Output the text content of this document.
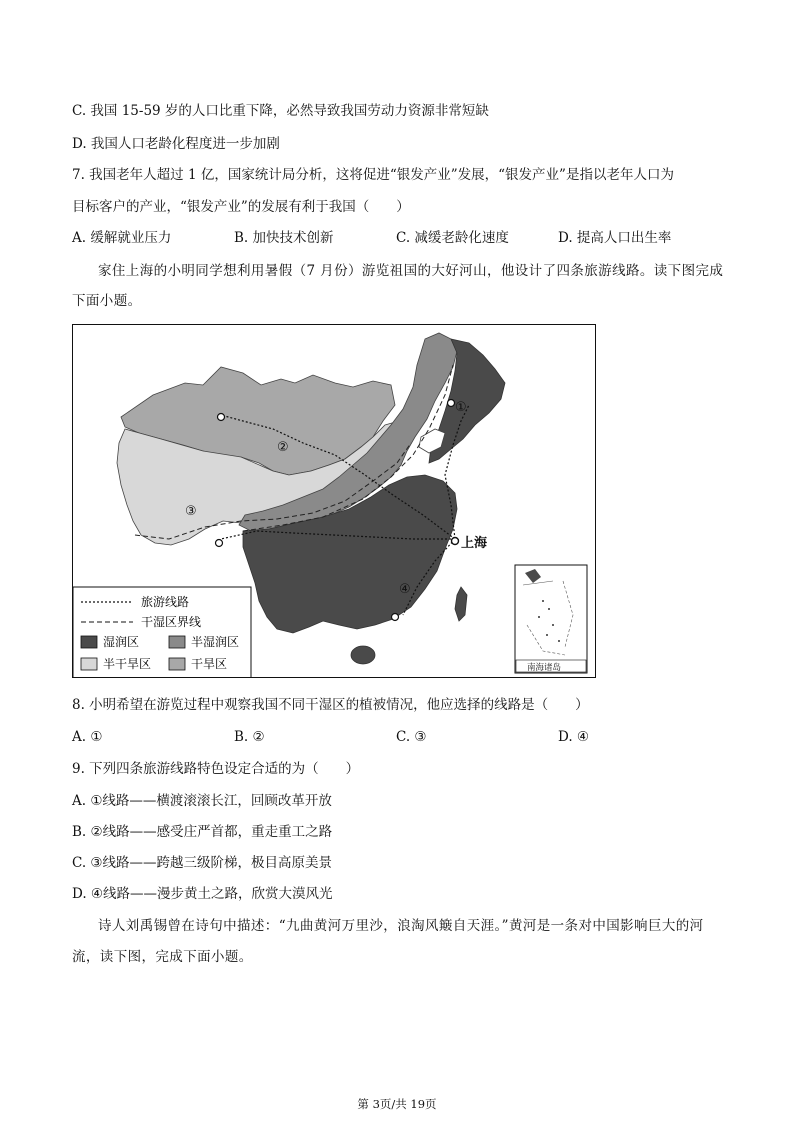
C. 我国 15-59 岁的人口比重下降，必然导致我国劳动力资源非常短缺
D. 我国人口老龄化程度进一步加剧
7. 我国老年人超过 1 亿，国家统计局分析，这将促进“银发产业”发展，“银发产业”是指以老年人口为
目标客户的产业，“银发产业”的发展有利于我国（　　）
A. 缓解就业压力	B. 加快技术创新	C. 减缓老龄化速度	D. 提高人口出生率
家住上海的小明同学想利用暑假（7 月份）游览祖国的大好河山，他设计了四条旅游线路。读下图完成
下面小题。
①
②
③
④
上海
南海诸岛
旅游线路
干湿区界线
湿润区	半湿润区
半干旱区	干旱区
8. 小明希望在游览过程中观察我国不同干湿区的植被情况，他应选择的线路是（　　）
A. ①	B. ②	C. ③	D. ④
9. 下列四条旅游线路特色设定合适的为（　　）
A. ①线路——横渡滚滚长江，回顾改革开放
B. ②线路——感受庄严首都，重走重工之路
C. ③线路——跨越三级阶梯，极目高原美景
D. ④线路——漫步黄土之路，欣赏大漠风光
诗人刘禹锡曾在诗句中描述：“九曲黄河万里沙，浪淘风簸自天涯。”黄河是一条对中国影响巨大的河
流，读下图，完成下面小题。
第 3页/共 19页
